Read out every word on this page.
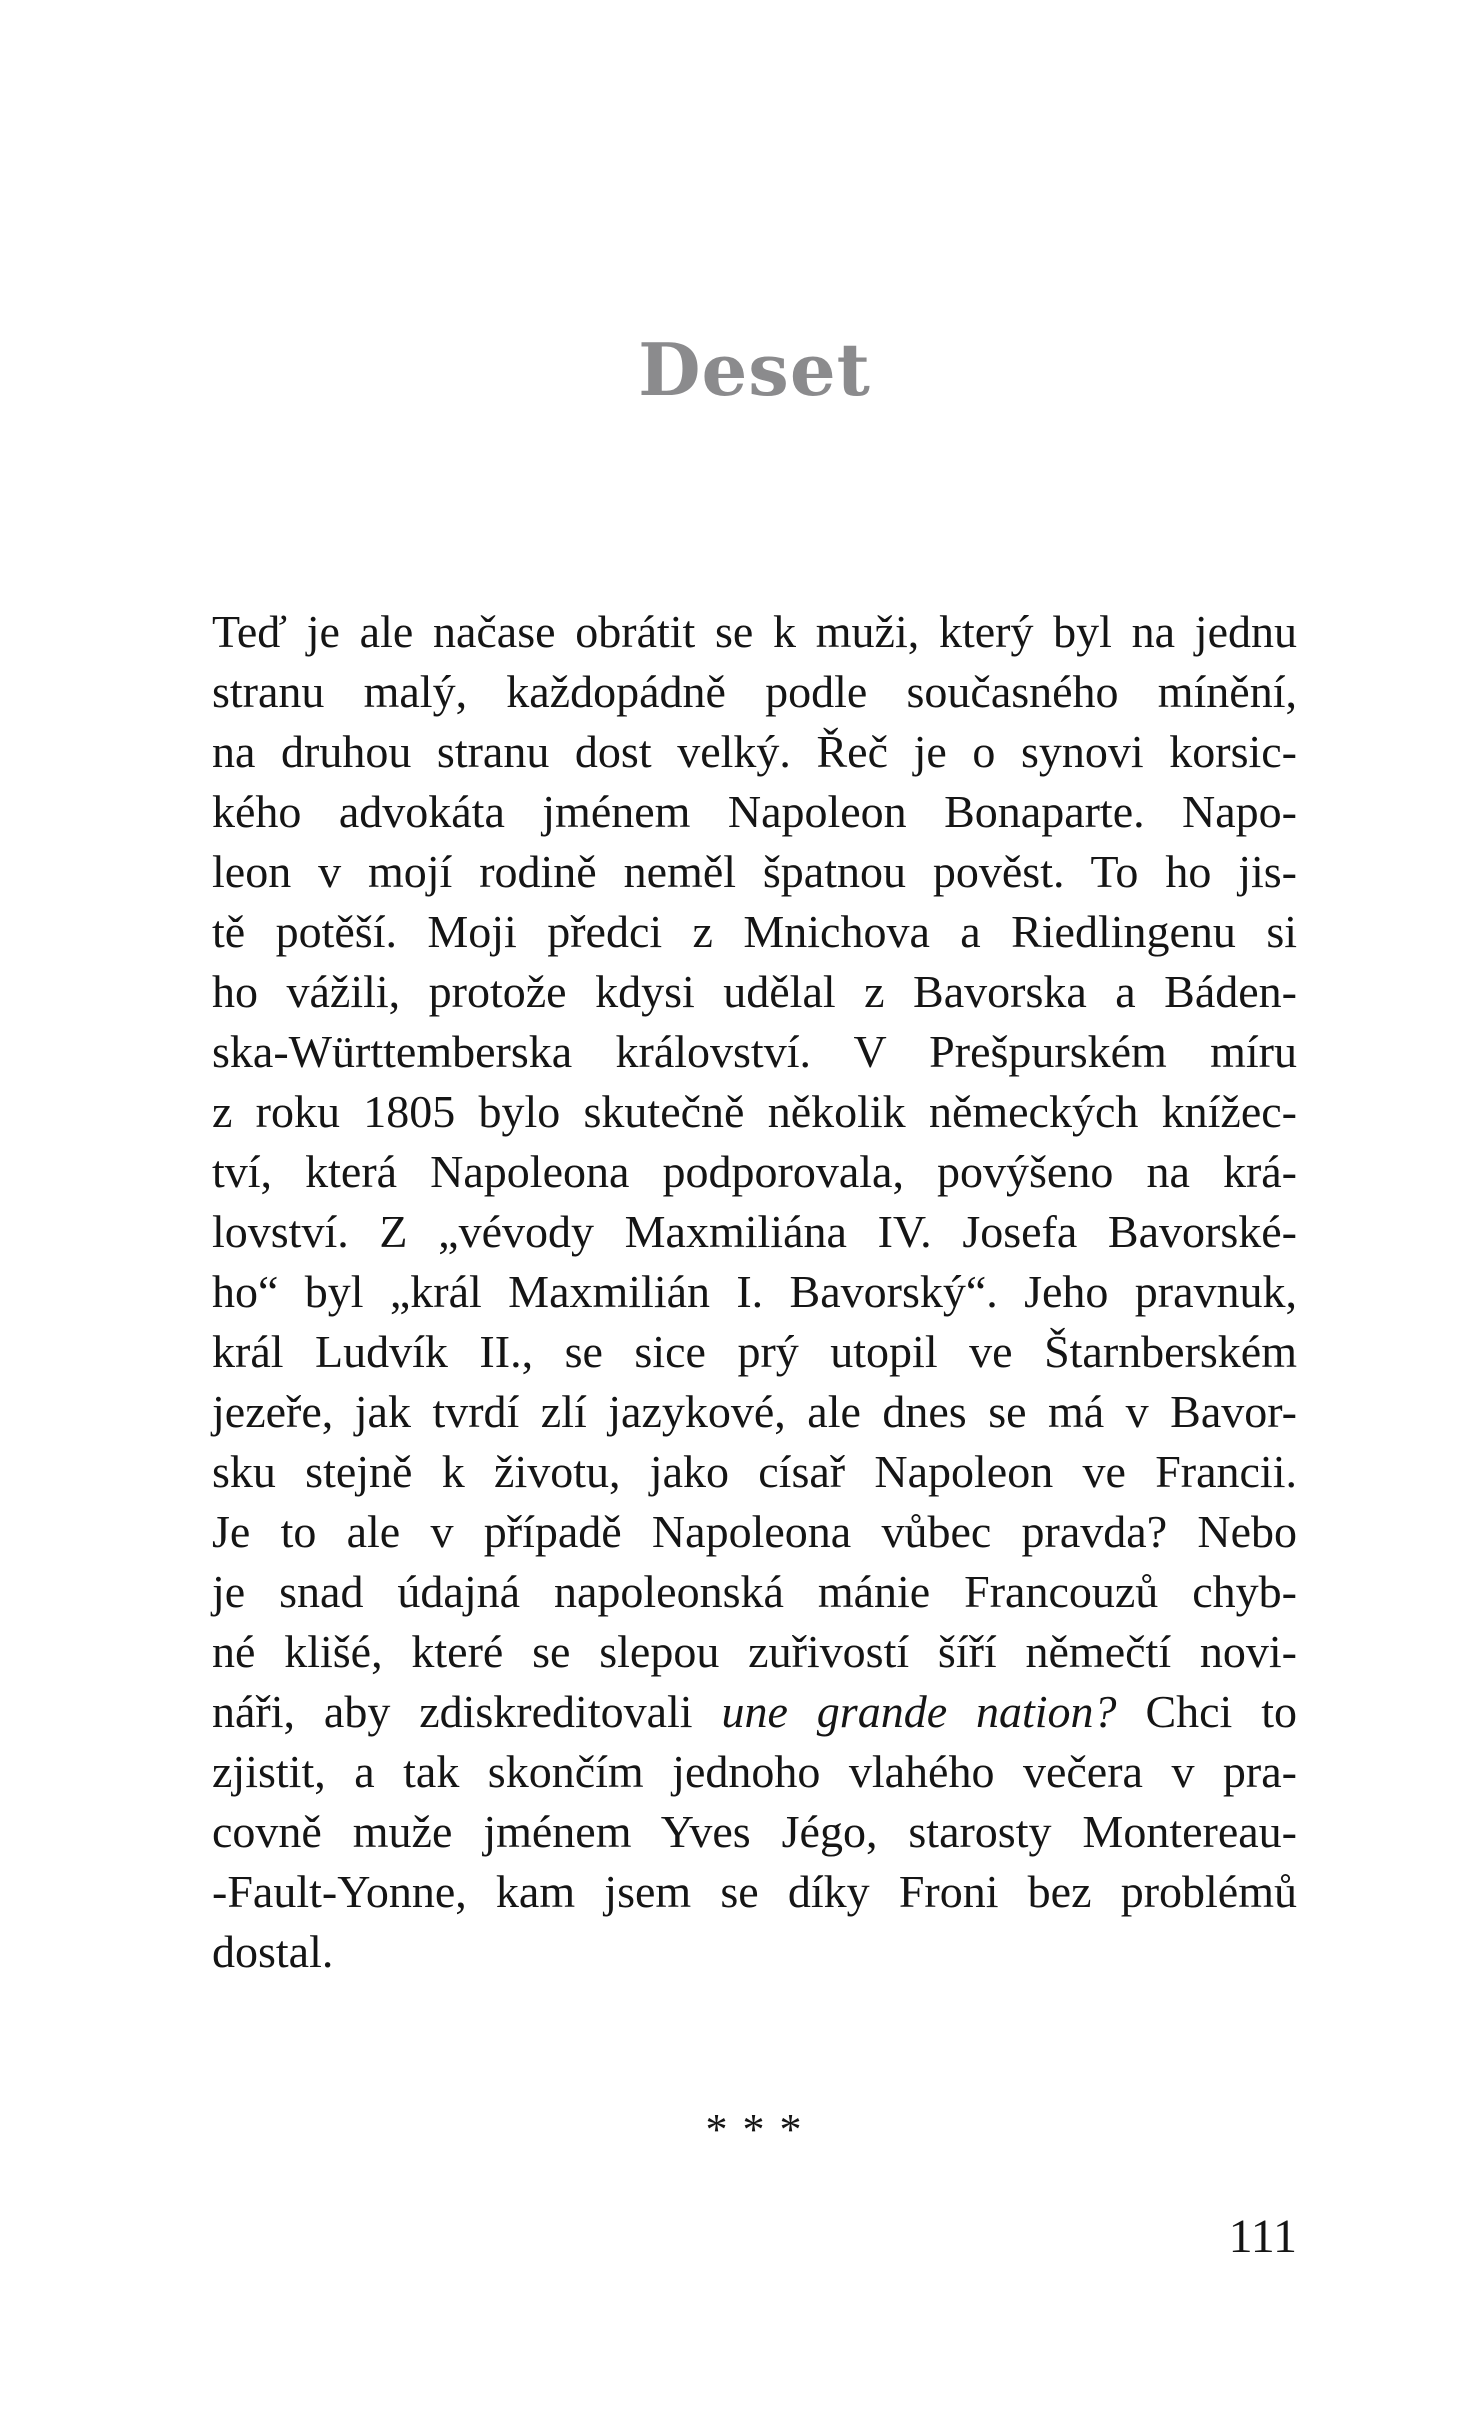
Deset
Teď je ale načase obrátit se k muži, který byl na jednu
stranu malý, každopádně podle současného mínění,
na druhou stranu dost velký. Řeč je o synovi korsic-
kého advokáta jménem Napoleon Bonaparte. Napo-
leon v mojí rodině neměl špatnou pověst. To ho jis-
tě potěší. Moji předci z Mnichova a Riedlingenu si
ho vážili, protože kdysi udělal z Bavorska a Báden-
ska-Württemberska království. V Prešpurském míru
z roku 1805 bylo skutečně několik německých knížec-
tví, která Napoleona podporovala, povýšeno na krá-
lovství. Z „vévody Maxmiliána IV. Josefa Bavorské-
ho“ byl „král Maxmilián I. Bavorský“. Jeho pravnuk,
král Ludvík II., se sice prý utopil ve Štarnberském
jezeře, jak tvrdí zlí jazykové, ale dnes se má v Bavor-
sku stejně k životu, jako císař Napoleon ve Francii.
Je to ale v případě Napoleona vůbec pravda? Nebo
je snad údajná napoleonská mánie Francouzů chyb-
né klišé, které se slepou zuřivostí šíří němečtí novi-
náři, aby zdiskreditovali une grande nation? Chci to
zjistit, a tak skončím jednoho vlahého večera v pra-
covně muže jménem Yves Jégo, starosty Montereau-
-Fault-Yonne, kam jsem se díky Froni bez problémů
dostal.
* * *
111
